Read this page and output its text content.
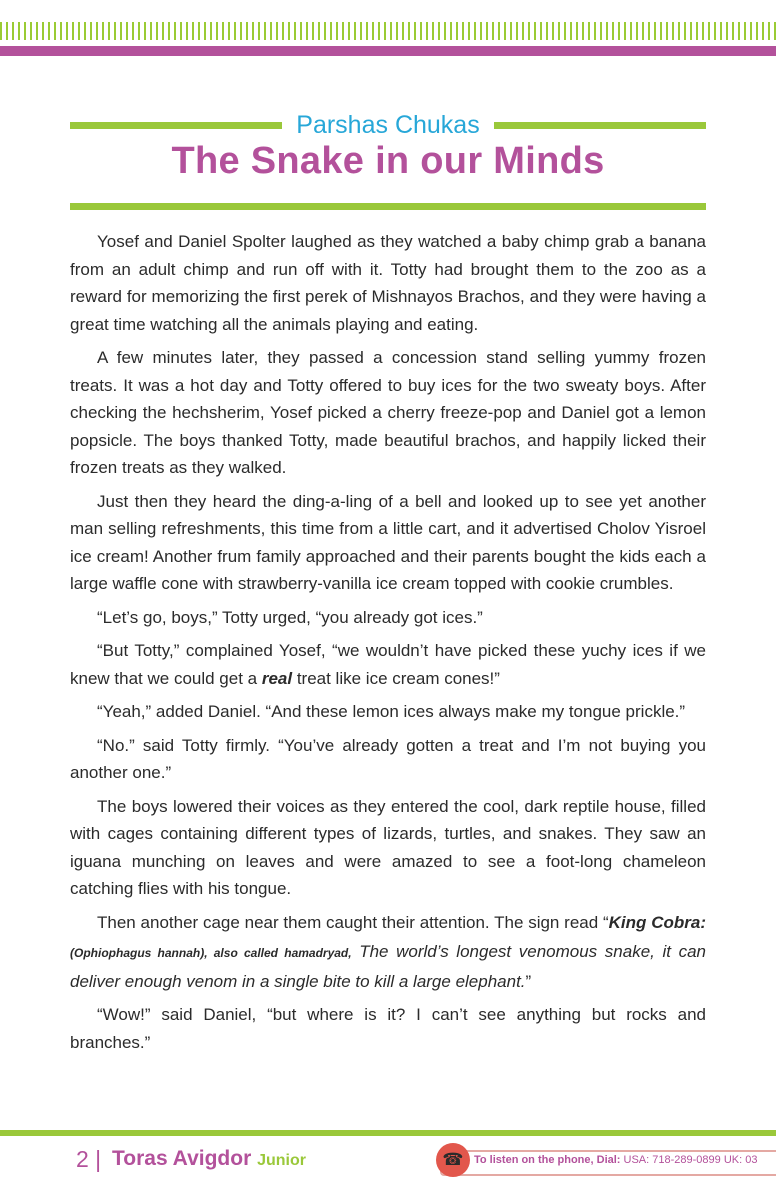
Parshas Chukas
The Snake in our Minds

Yosef and Daniel Spolter laughed as they watched a baby chimp grab a banana from an adult chimp and run off with it. Totty had brought them to the zoo as a reward for memorizing the first perek of Mishnayos Brachos, and they were having a great time watching all the animals playing and eating.

A few minutes later, they passed a concession stand selling yummy frozen treats. It was a hot day and Totty offered to buy ices for the two sweaty boys. After checking the hechsherim, Yosef picked a cherry freeze-pop and Daniel got a lemon popsicle. The boys thanked Totty, made beautiful brachos, and happily licked their frozen treats as they walked.

Just then they heard the ding-a-ling of a bell and looked up to see yet another man selling refreshments, this time from a little cart, and it advertised Cholov Yisroel ice cream! Another frum family approached and their parents bought the kids each a large waffle cone with strawberry-vanilla ice cream topped with cookie crumbles.

“Let’s go, boys,” Totty urged, “you already got ices.”

“But Totty,” complained Yosef, “we wouldn’t have picked these yuchy ices if we knew that we could get a real treat like ice cream cones!”

“Yeah,” added Daniel. “And these lemon ices always make my tongue prickle.”

“No.” said Totty firmly. “You’ve already gotten a treat and I’m not buying you another one.”

The boys lowered their voices as they entered the cool, dark reptile house, filled with cages containing different types of lizards, turtles, and snakes. They saw an iguana munching on leaves and were amazed to see a foot-long chameleon catching flies with his tongue.

Then another cage near them caught their attention. The sign read “King Cobra: (Ophiophagus hannah), also called hamadryad, The world’s longest venomous snake, it can deliver enough venom in a single bite to kill a large elephant.”

“Wow!” said Daniel, “but where is it? I can’t see anything but rocks and branches.”

2 | Toras Avigdor Junior	☎ To listen on the phone, Dial: USA: 718-289-0899 UK: 03
